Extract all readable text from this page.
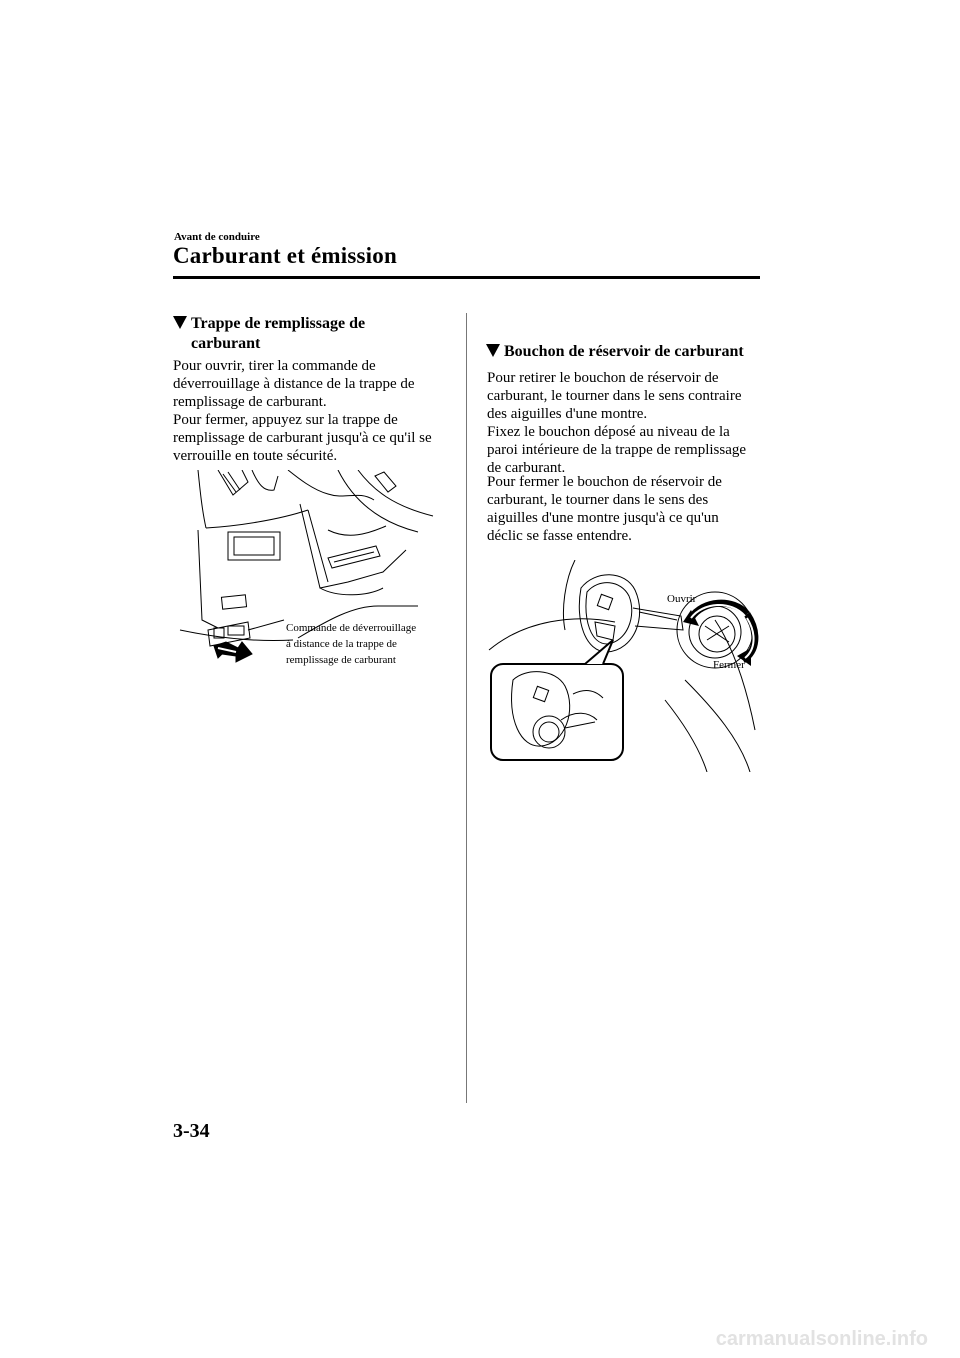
Carburant et émission
Avant de conduire
Trappe de remplissage de
carburant
Pour ouvrir, tirer la commande de
déverrouillage à distance de la trappe de
remplissage de carburant.
Pour fermer, appuyez sur la trappe de
remplissage de carburant jusqu'à ce qu'il se
verrouille en toute sécurité.
Commande de déverrouillage
à distance de la trappe de
remplissage de carburant
Bouchon de réservoir de carburant
Pour retirer le bouchon de réservoir de
carburant, le tourner dans le sens contraire
des aiguilles d'une montre.
Fixez le bouchon déposé au niveau de la
paroi intérieure de la trappe de remplissage
de carburant.
Pour fermer le bouchon de réservoir de
carburant, le tourner dans le sens des
aiguilles d'une montre jusqu'à ce qu'un
déclic se fasse entendre.
Ouvrir
Fermer
3-34
carmanualsonline.info
